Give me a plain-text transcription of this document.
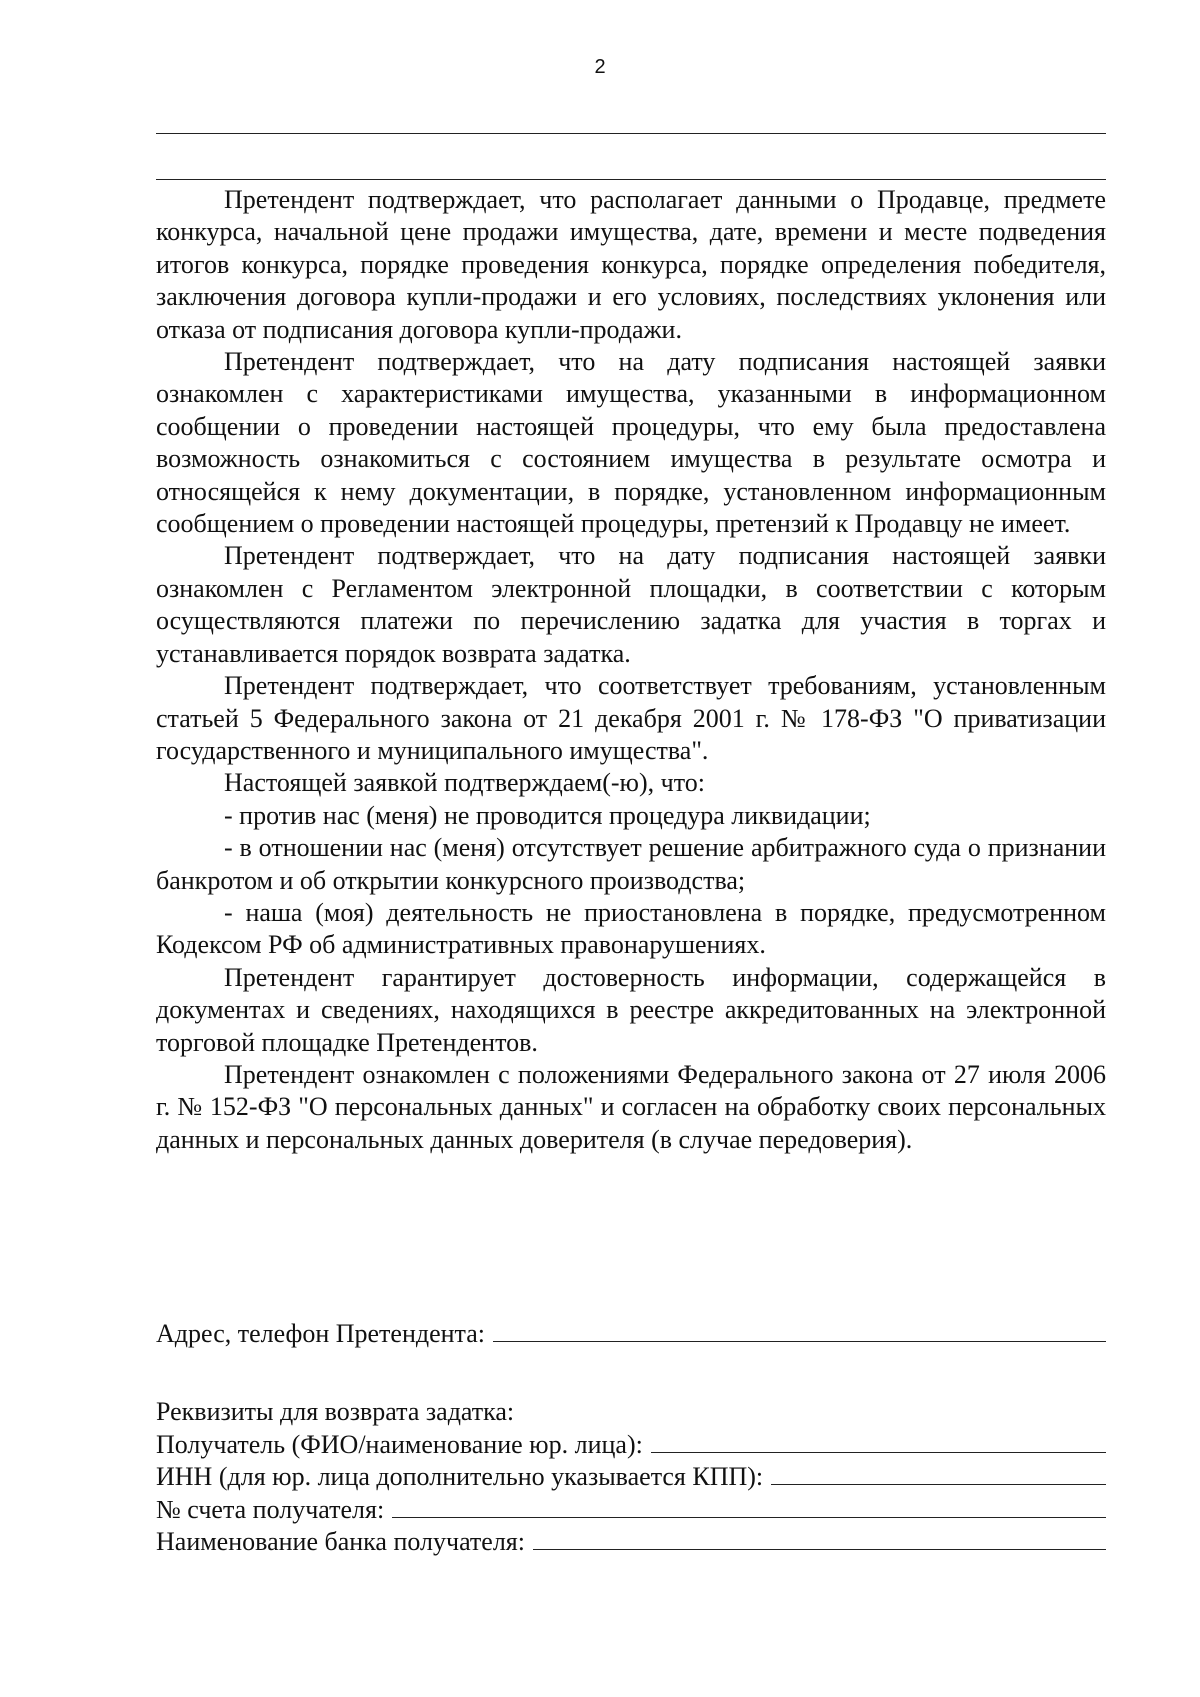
2

Претендент подтверждает, что располагает данными о Продавце, предмете конкурса, начальной цене продажи имущества, дате, времени и месте подведения итогов конкурса, порядке проведения конкурса, порядке определения победителя, заключения договора купли-продажи и его условиях, последствиях уклонения или отказа от подписания договора купли-продажи.

Претендент подтверждает, что на дату подписания настоящей заявки ознакомлен с характеристиками имущества, указанными в информационном сообщении о проведении настоящей процедуры, что ему была предоставлена возможность ознакомиться с состоянием имущества в результате осмотра и относящейся к нему документации, в порядке, установленном информационным сообщением о проведении настоящей процедуры, претензий к Продавцу не имеет.

Претендент подтверждает, что на дату подписания настоящей заявки ознакомлен с Регламентом электронной площадки, в соответствии с которым осуществляются платежи по перечислению задатка для участия в торгах и устанавливается порядок возврата задатка.

Претендент подтверждает, что соответствует требованиям, установленным статьей 5 Федерального закона от 21 декабря 2001 г. № 178-ФЗ "О приватизации государственного и муниципального имущества".

Настоящей заявкой подтверждаем(-ю), что:

- против нас (меня) не проводится процедура ликвидации;

- в отношении нас (меня) отсутствует решение арбитражного суда о признании банкротом и об открытии конкурсного производства;

- наша (моя) деятельность не приостановлена в порядке, предусмотренном Кодексом РФ об административных правонарушениях.

Претендент гарантирует достоверность информации, содержащейся в документах и сведениях, находящихся в реестре аккредитованных на электронной торговой площадке Претендентов.

Претендент ознакомлен с положениями Федерального закона от 27 июля 2006 г. № 152-ФЗ "О персональных данных" и согласен на обработку своих персональных данных и персональных данных доверителя (в случае передоверия).

Адрес, телефон Претендента:
Реквизиты для возврата задатка:
Получатель (ФИО/наименование юр. лица):
ИНН (для юр. лица дополнительно указывается КПП):
№ счета получателя:
Наименование банка получателя:
